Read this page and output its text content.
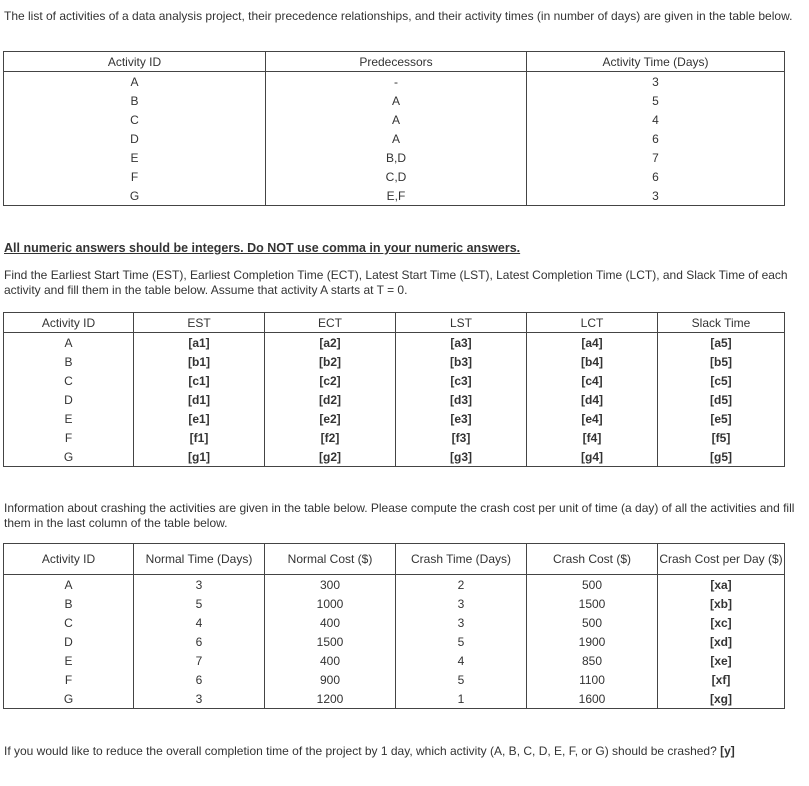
The list of activities of a data analysis project, their precedence relationships, and their activity times (in number of days) are given in the table below.
Activity ID	Predecessors	Activity Time (Days)
A	-	3
B	A	5
C	A	4
D	A	6
E	B,D	7
F	C,D	6
G	E,F	3
All numeric answers should be integers. Do NOT use comma in your numeric answers.
Find the Earliest Start Time (EST), Earliest Completion Time (ECT), Latest Start Time (LST), Latest Completion Time (LCT), and Slack Time of each activity and fill them in the table below. Assume that activity A starts at T = 0.
Activity ID	EST	ECT	LST	LCT	Slack Time
A	[a1]	[a2]	[a3]	[a4]	[a5]
B	[b1]	[b2]	[b3]	[b4]	[b5]
C	[c1]	[c2]	[c3]	[c4]	[c5]
D	[d1]	[d2]	[d3]	[d4]	[d5]
E	[e1]	[e2]	[e3]	[e4]	[e5]
F	[f1]	[f2]	[f3]	[f4]	[f5]
G	[g1]	[g2]	[g3]	[g4]	[g5]
Information about crashing the activities are given in the table below. Please compute the crash cost per unit of time (a day) of all the activities and fill them in the last column of the table below.
Activity ID	Normal Time (Days)	Normal Cost ($)	Crash Time (Days)	Crash Cost ($)	Crash Cost per Day ($)
A	3	300	2	500	[xa]
B	5	1000	3	1500	[xb]
C	4	400	3	500	[xc]
D	6	1500	5	1900	[xd]
E	7	400	4	850	[xe]
F	6	900	5	1100	[xf]
G	3	1200	1	1600	[xg]
If you would like to reduce the overall completion time of the project by 1 day, which activity (A, B, C, D, E, F, or G) should be crashed? [y]
